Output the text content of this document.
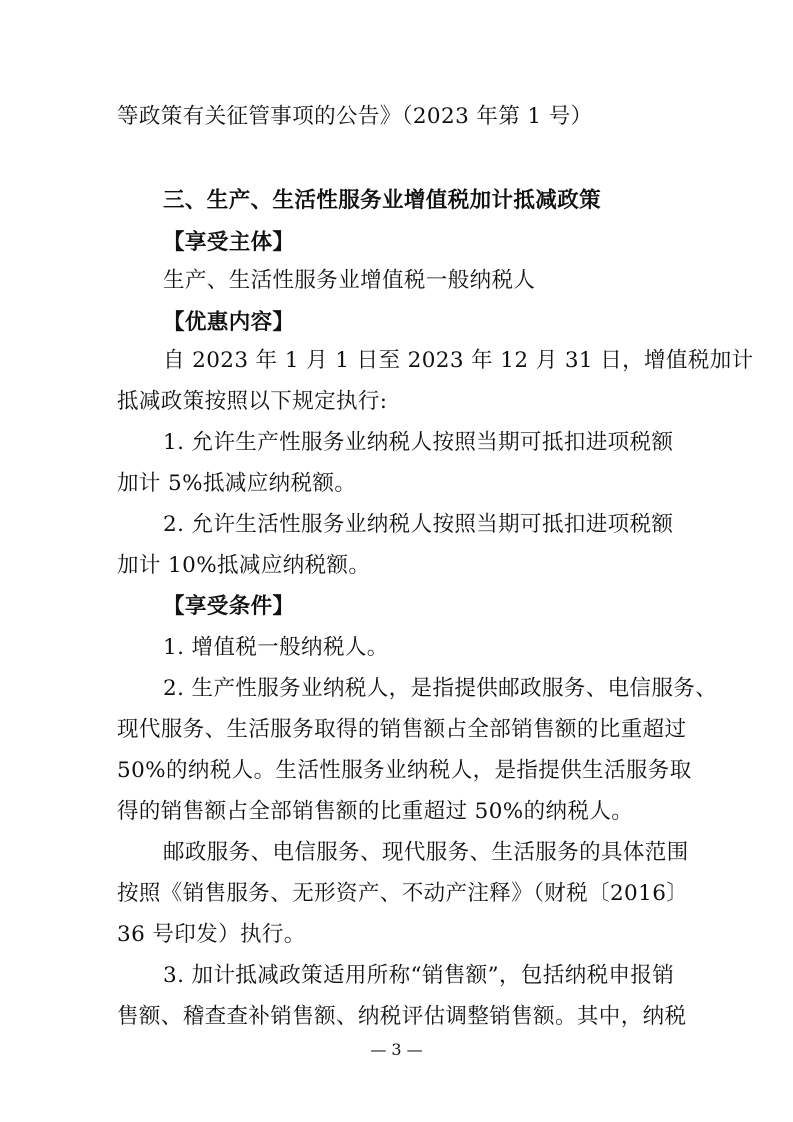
等政策有关征管事项的公告》（2023 年第 1 号）
三、生产、生活性服务业增值税加计抵减政策
【享受主体】
生产、生活性服务业增值税一般纳税人
【优惠内容】
自 2023 年 1 月 1 日至 2023 年 12 月 31 日，增值税加计
抵减政策按照以下规定执行:
1. 允许生产性服务业纳税人按照当期可抵扣进项税额
加计 5%抵减应纳税额。
2. 允许生活性服务业纳税人按照当期可抵扣进项税额
加计 10%抵减应纳税额。
【享受条件】
1. 增值税一般纳税人。
2. 生产性服务业纳税人，是指提供邮政服务、电信服务、
现代服务、生活服务取得的销售额占全部销售额的比重超过
50%的纳税人。生活性服务业纳税人，是指提供生活服务取
得的销售额占全部销售额的比重超过 50%的纳税人。
邮政服务、电信服务、现代服务、生活服务的具体范围
按照《销售服务、无形资产、不动产注释》（财税〔2016〕
36 号印发）执行。
3. 加计抵减政策适用所称“销售额”，包括纳税申报销
售额、稽查查补销售额、纳税评估调整销售额。其中，纳税
— 3 —
